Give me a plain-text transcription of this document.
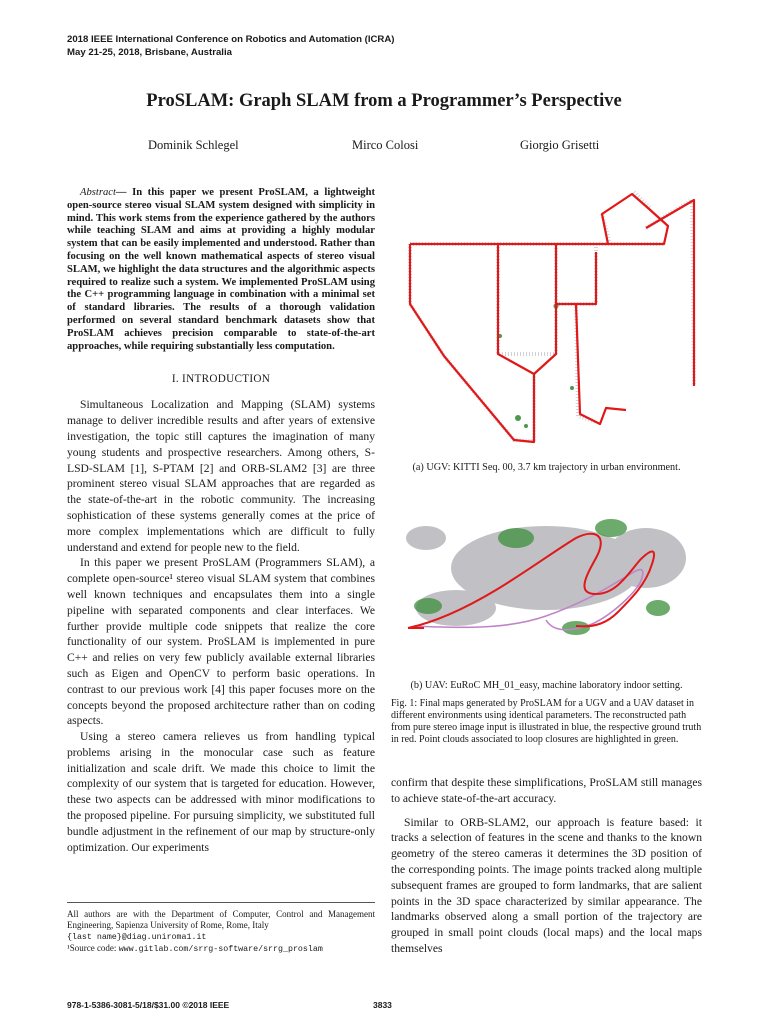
2018 IEEE International Conference on Robotics and Automation (ICRA)
May 21-25, 2018, Brisbane, Australia
ProSLAM: Graph SLAM from a Programmer’s Perspective
Dominik Schlegel	Mirco Colosi	Giorgio Grisetti

Abstract— In this paper we present ProSLAM, a lightweight open-source stereo visual SLAM system designed with simplicity in mind. This work stems from the experience gathered by the authors while teaching SLAM and aims at providing a highly modular system that can be easily implemented and understood. Rather than focusing on the well known mathematical aspects of stereo visual SLAM, we highlight the data structures and the algorithmic aspects required to realize such a system. We implemented ProSLAM using the C++ programming language in combination with a minimal set of standard libraries. The results of a thorough validation performed on several standard benchmark datasets show that ProSLAM achieves precision comparable to state-of-the-art approaches, while requiring substantially less computation.

I. INTRODUCTION

Simultaneous Localization and Mapping (SLAM) systems manage to deliver incredible results and after years of extensive investigation, the topic still captures the imagination of many young students and prospective researchers. Among others, S-LSD-SLAM [1], S-PTAM [2] and ORB-SLAM2 [3] are three prominent stereo visual SLAM approaches that are regarded as the state-of-the-art in the robotic community. The increasing sophistication of these systems generally comes at the price of more complex implementations which are difficult to fully understand and extend for people new to the field.

In this paper we present ProSLAM (Programmers SLAM), a complete open-source¹ stereo visual SLAM system that combines well known techniques and encapsulates them into a single pipeline with separated components and clear interfaces. We further provide multiple code snippets that realize the core functionality of our system. ProSLAM is implemented in pure C++ and relies on very few publicly available external libraries such as Eigen and OpenCV to perform basic operations. In contrast to our previous work [4] this paper focuses more on the concepts beyond the proposed architecture rather than on coding aspects.

Using a stereo camera relieves us from handling typical problems arising in the monocular case such as feature initialization and scale drift. We made this choice to limit the complexity of our system that is targeted for education. However, these two aspects can be addressed with minor modifications to the proposed pipeline. For pursuing simplicity, we substituted full bundle adjustment in the refinement of our map by structure-only optimization. Our experiments

All authors are with the Department of Computer, Control and Management Engineering, Sapienza University of Rome, Rome, Italy
{last name}@diag.uniroma1.it
¹Source code: www.gitlab.com/srrg-software/srrg_proslam
(a) UGV: KITTI Seq. 00, 3.7 km trajectory in urban environment.
(b) UAV: EuRoC MH_01_easy, machine laboratory indoor setting.
Fig. 1: Final maps generated by ProSLAM for a UGV and a UAV dataset in different environments using identical parameters. The reconstructed path from pure stereo image input is illustrated in blue, the respective ground truth in red. Point clouds associated to loop closures are highlighted in green.

confirm that despite these simplifications, ProSLAM still manages to achieve state-of-the-art accuracy.

Similar to ORB-SLAM2, our approach is feature based: it tracks a selection of features in the scene and thanks to the known geometry of the stereo cameras it determines the 3D position of the corresponding points. The image points tracked along multiple subsequent frames are grouped to form landmarks, that are salient points in the 3D space characterized by similar appearance. The landmarks observed along a small portion of the trajectory are grouped in small point clouds (local maps) and the local maps themselves

978-1-5386-3081-5/18/$31.00 ©2018 IEEE	3833
